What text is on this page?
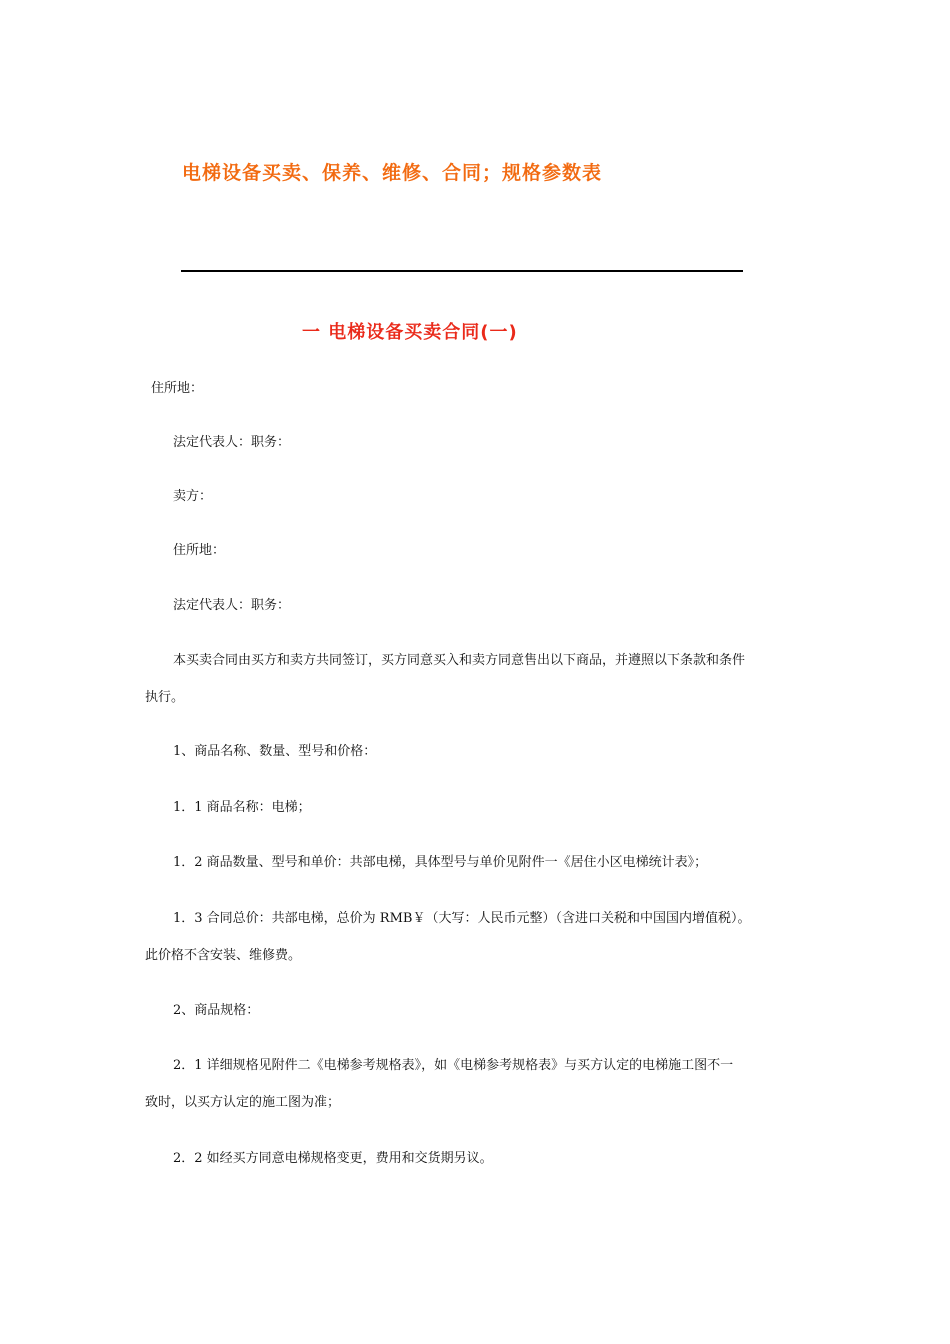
电梯设备买卖、保养、维修、合同；规格参数表
一 电梯设备买卖合同(一)
住所地：
法定代表人：职务：
卖方：
住所地：
法定代表人：职务：
本买卖合同由买方和卖方共同签订，买方同意买入和卖方同意售出以下商品，并遵照以下条款和条件
执行。
1、商品名称、数量、型号和价格：
1．1 商品名称：电梯；
1．2 商品数量、型号和单价：共部电梯，具体型号与单价见附件一《居住小区电梯统计表》；
1．3 合同总价：共部电梯，总价为 RMB￥（大写：人民币元整）（含进口关税和中国国内增值税）。
此价格不含安装、维修费。
2、商品规格：
2．1 详细规格见附件二《电梯参考规格表》，如《电梯参考规格表》与买方认定的电梯施工图不一
致时，以买方认定的施工图为准；
2．2 如经买方同意电梯规格变更，费用和交货期另议。
